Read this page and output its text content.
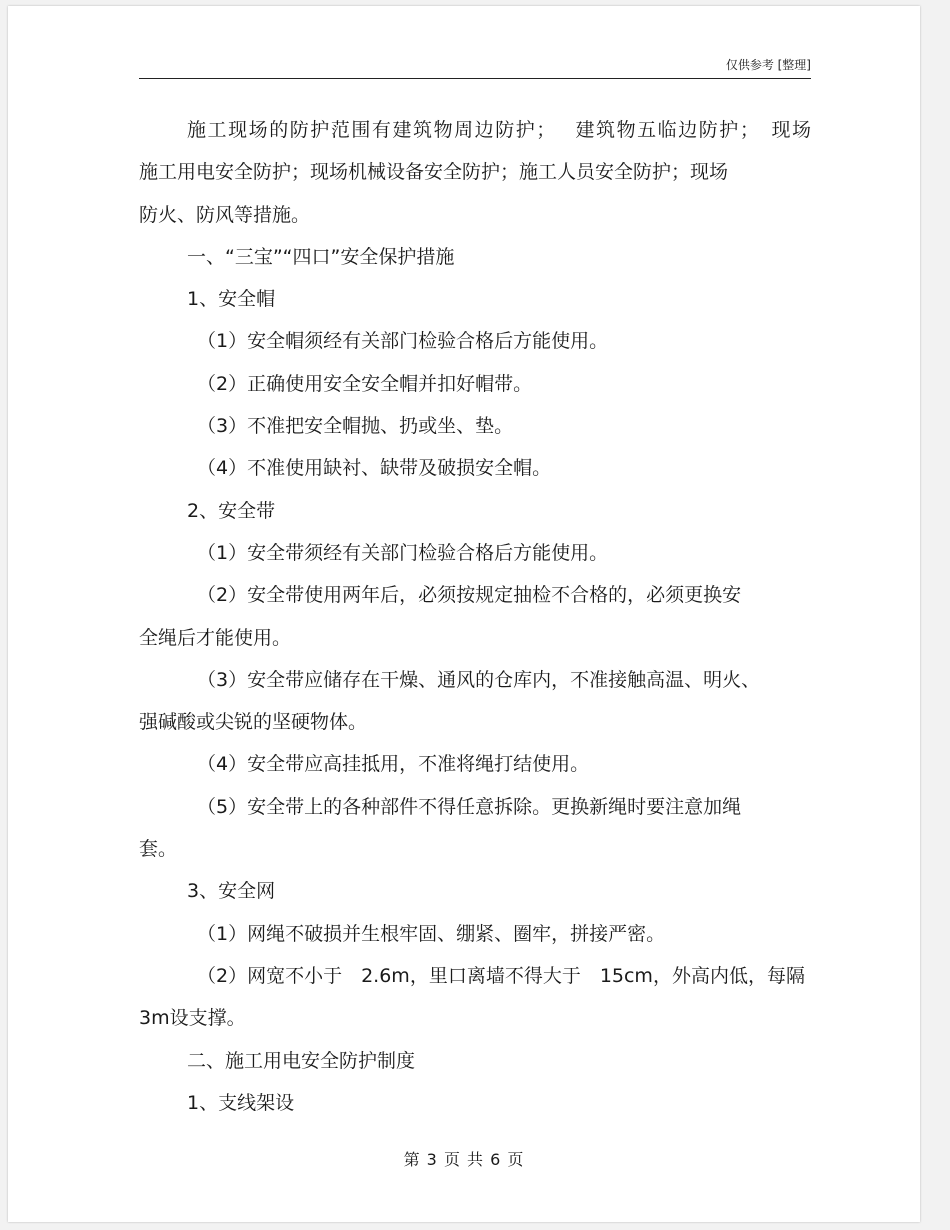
仅供参考 [整理]

施工现场的防护范围有建筑物周边防护；　 建筑物五临边防护；　现场

施工用电安全防护；现场机械设备安全防护；施工人员安全防护；现场

防火、防风等措施。

一、“三宝”“四口”安全保护措施

1、安全帽

（1）安全帽须经有关部门检验合格后方能使用。

（2）正确使用安全安全帽并扣好帽带。

（3）不准把安全帽抛、扔或坐、垫。

（4）不准使用缺衬、缺带及破损安全帽。

2、安全带

（1）安全带须经有关部门检验合格后方能使用。

（2）安全带使用两年后，必须按规定抽检不合格的，必须更换安

全绳后才能使用。

（3）安全带应储存在干燥、通风的仓库内，不准接触高温、明火、

强碱酸或尖锐的坚硬物体。

（4）安全带应高挂抵用，不准将绳打结使用。

（5）安全带上的各种部件不得任意拆除。更换新绳时要注意加绳

套。

3、安全网

（1）网绳不破损并生根牢固、绷紧、圈牢，拼接严密。

（2）网宽不小于　2.6m，里口离墙不得大于　15cm，外高内低，每隔

3m设支撑。

二、施工用电安全防护制度

1、支线架设

第 3 页 共 6 页
